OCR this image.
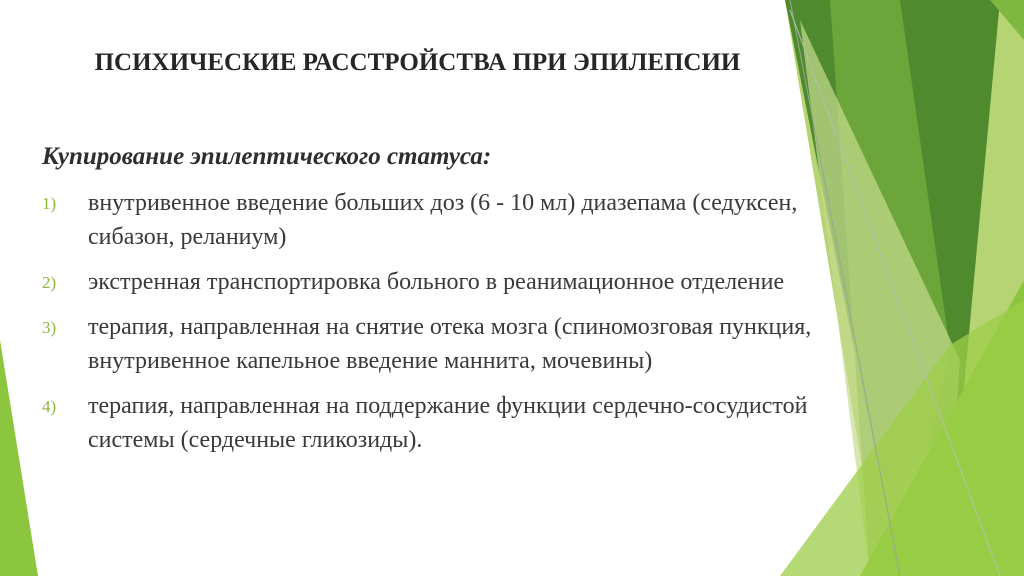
ПСИХИЧЕСКИЕ РАССТРОЙСТВА ПРИ ЭПИЛЕПСИИ
Купирование эпилептического статуса:
1) внутривенное введение больших доз (6 - 10 мл) диазепама (седуксен, сибазон, реланиум)
2) экстренная транспортировка больного в реанимационное отделение
3) терапия, направленная на снятие отека мозга (спиномозговая пункция, внутривенное капельное введение маннита, мочевины)
4) терапия, направленная на поддержание функции сердечно-сосудистой системы (сердечные гликозиды).
